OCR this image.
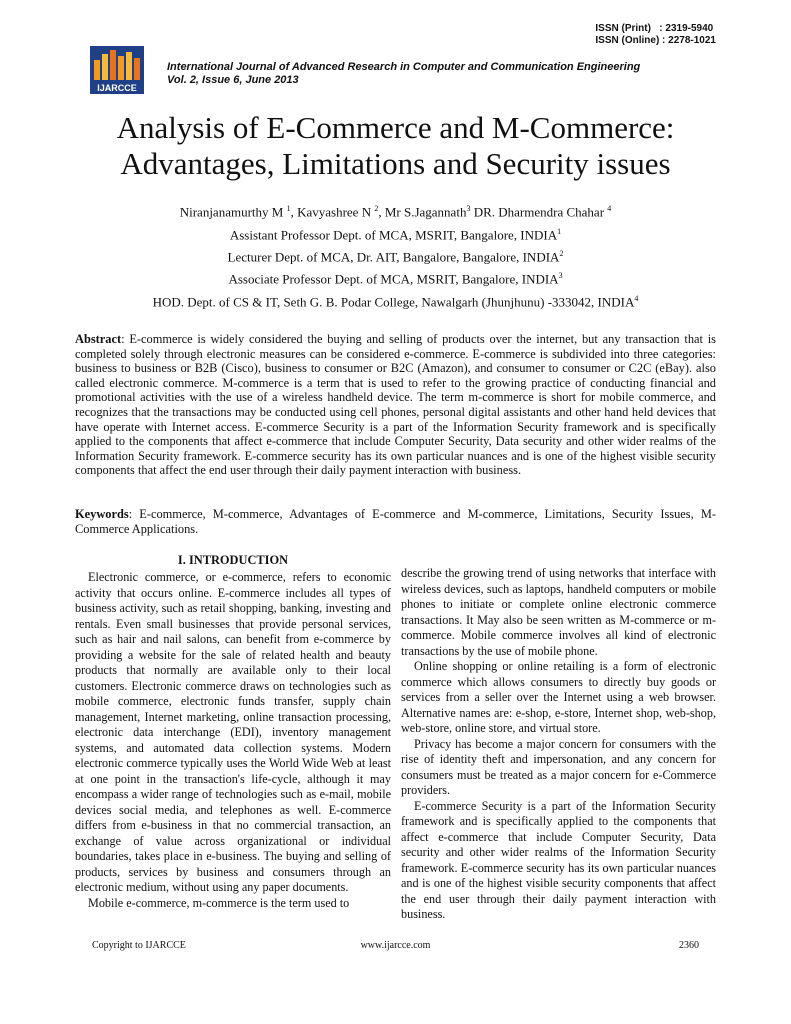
ISSN (Print)   : 2319-5940
ISSN (Online) : 2278-1021
IJARCCE
International Journal of Advanced Research in Computer and Communication Engineering
Vol. 2, Issue 6, June 2013
Analysis of E-Commerce and M-Commerce:
Advantages, Limitations and Security issues
Niranjanamurthy M $^1$, Kavyashree N $^2$, Mr S.Jagannath$^3$ DR. Dharmendra Chahar $^4$
Assistant Professor Dept. of MCA, MSRIT, Bangalore, INDIA$^1$
Lecturer Dept. of MCA, Dr. AIT, Bangalore, Bangalore, INDIA$^2$
Associate Professor Dept. of MCA, MSRIT, Bangalore, INDIA$^3$
HOD. Dept. of CS & IT, Seth G. B. Podar College, Nawalgarh (Jhunjhunu) -333042, INDIA$^4$
Abstract: E-commerce is widely considered the buying and selling of products over the internet, but any transaction that is completed solely through electronic measures can be considered e-commerce. E-commerce is subdivided into three categories: business to business or B2B (Cisco), business to consumer or B2C (Amazon), and consumer to consumer or C2C (eBay). also called electronic commerce. M-commerce is a term that is used to refer to the growing practice of conducting financial and promotional activities with the use of a wireless handheld device. The term m-commerce is short for mobile commerce, and recognizes that the transactions may be conducted using cell phones, personal digital assistants and other hand held devices that have operate with Internet access. E-commerce Security is a part of the Information Security framework and is specifically applied to the components that affect e-commerce that include Computer Security, Data security and other wider realms of the Information Security framework. E-commerce security has its own particular nuances and is one of the highest visible security components that affect the end user through their daily payment interaction with business.
Keywords: E-commerce, M-commerce, Advantages of E-commerce and M-commerce, Limitations, Security Issues, M-Commerce Applications.
I. INTRODUCTION

Electronic commerce, or e-commerce, refers to economic activity that occurs online. E-commerce includes all types of business activity, such as retail shopping, banking, investing and rentals. Even small businesses that provide personal services, such as hair and nail salons, can benefit from e-commerce by providing a website for the sale of related health and beauty products that normally are available only to their local customers. Electronic commerce draws on technologies such as mobile commerce, electronic funds transfer, supply chain management, Internet marketing, online transaction processing, electronic data interchange (EDI), inventory management systems, and automated data collection systems. Modern electronic commerce typically uses the World Wide Web at least at one point in the transaction's life-cycle, although it may encompass a wider range of technologies such as e-mail, mobile devices social media, and telephones as well. E-commerce differs from e-business in that no commercial transaction, an exchange of value across organizational or individual boundaries, takes place in e-business. The buying and selling of products, services by business and consumers through an electronic medium, without using any paper documents.

Mobile e-commerce, m-commerce is the term used to

describe the growing trend of using networks that interface with wireless devices, such as laptops, handheld computers or mobile phones to initiate or complete online electronic commerce transactions. It May also be seen written as M-commerce or m-commerce. Mobile commerce involves all kind of electronic transactions by the use of mobile phone.

Online shopping or online retailing is a form of electronic commerce which allows consumers to directly buy goods or services from a seller over the Internet using a web browser. Alternative names are: e-shop, e-store, Internet shop, web-shop, web-store, online store, and virtual store.

Privacy has become a major concern for consumers with the rise of identity theft and impersonation, and any concern for consumers must be treated as a major concern for e-Commerce providers.

E-commerce Security is a part of the Information Security framework and is specifically applied to the components that affect e-commerce that include Computer Security, Data security and other wider realms of the Information Security framework. E-commerce security has its own particular nuances and is one of the highest visible security components that affect the end user through their daily payment interaction with business.

Copyright to IJARCCE	www.ijarcce.com	2360
